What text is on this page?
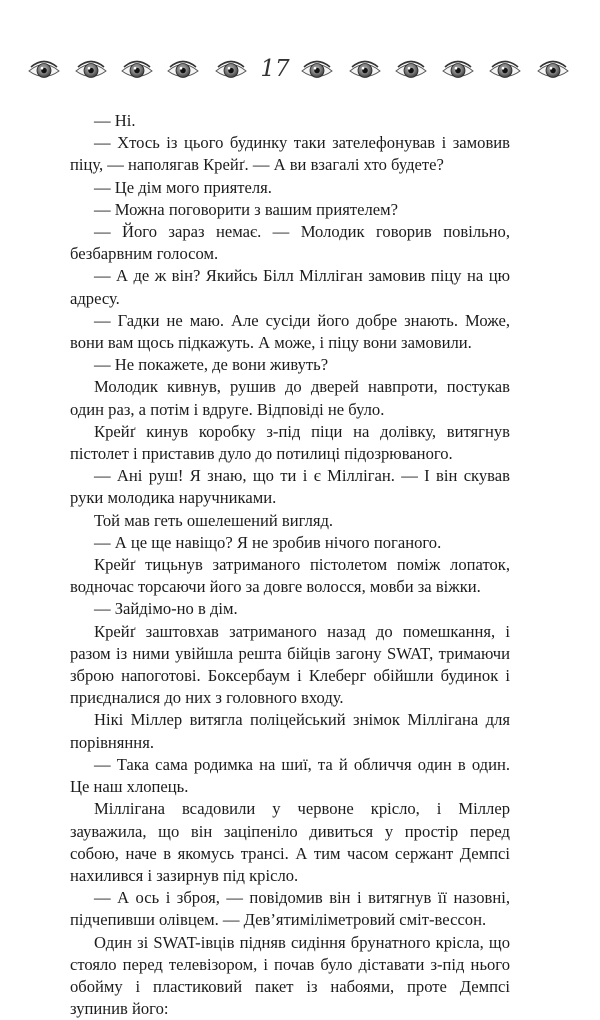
17

— Ні.

— Хтось із цього будинку таки зателефонував і замовив піцу, — наполягав Крейґ. — А ви взагалі хто будете?

— Це дім мого приятеля.

— Можна поговорити з вашим приятелем?

— Його зараз немає. — Молодик говорив повільно, безбарвним голосом.

— А де ж він? Якийсь Білл Мілліган замовив піцу на цю адресу.

— Гадки не маю. Але сусіди його добре знають. Може, вони вам щось підкажуть. А може, і піцу вони замовили.

— Не покажете, де вони живуть?

Молодик кивнув, рушив до дверей навпроти, постукав один раз, а потім і вдруге. Відповіді не було.

Крейґ кинув коробку з-під піци на долівку, витягнув пістолет і приставив дуло до потилиці підозрюваного.

— Ані руш! Я знаю, що ти і є Мілліган. — І він скував руки молодика наручниками.

Той мав геть ошелешений вигляд.

— А це ще навіщо? Я не зробив нічого поганого.

Крейґ тицьнув затриманого пістолетом поміж лопаток, водночас торсаючи його за довге волосся, мовби за віжки.

— Зайдімо-но в дім.

Крейґ заштовхав затриманого назад до помешкання, і разом із ними увійшла решта бійців загону SWAT, тримаючи зброю напоготові. Боксербаум і Клеберг обійшли будинок і приєдналися до них з головного входу.

Нікі Міллер витягла поліцейський знімок Міллігана для порівняння.

— Така сама родимка на шиї, та й обличчя один в один. Це наш хлопець.

Міллігана всадовили у червоне крісло, і Міллер зауважила, що він заціпеніло дивиться у простір перед собою, наче в якомусь трансі. А тим часом сержант Демпсі нахилився і зазирнув під крісло.

— А ось і зброя, — повідомив він і витягнув її назовні, підчепивши олівцем. — Дев’ятиміліметровий сміт-вессон.

Один зі SWAT-івців підняв сидіння брунатного крісла, що стояло перед телевізором, і почав було діставати з-під нього обойму і пластиковий пакет із набоями, проте Демпсі зупинив його:
